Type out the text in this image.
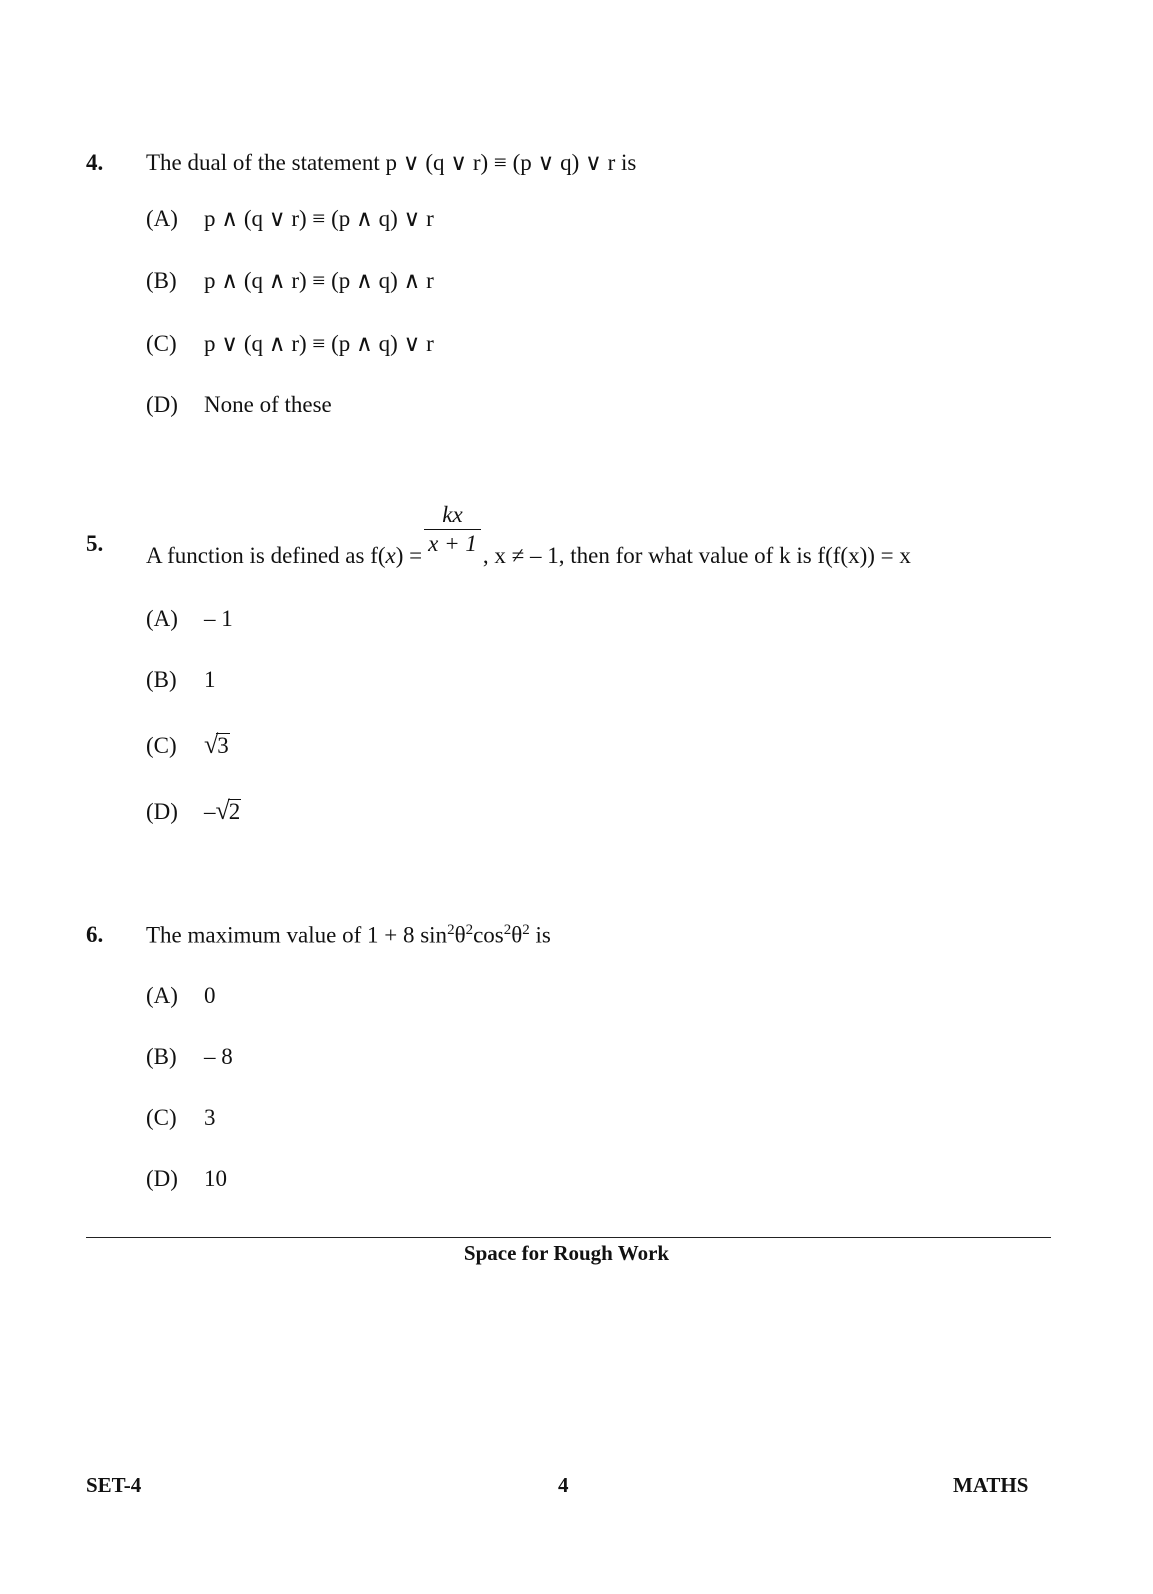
4. The dual of the statement p ∨ (q ∨ r) ≡ (p ∨ q) ∨ r is
(A) p ∧ (q ∨ r) ≡ (p ∧ q) ∨ r
(B) p ∧ (q ∧ r) ≡ (p ∧ q) ∧ r
(C) p ∨ (q ∧ r) ≡ (p ∧ q) ∨ r
(D) None of these
5. A function is defined as $f(x) = \frac{kx}{x + 1}$ , x ≠ – 1, then for what value of k is f(f(x)) = x
(A) – 1
(B) 1
(C) √3
(D) –√2
6. The maximum value of 1 + 8 $\sin^2\theta^2\cos^2\theta^2$ is
(A) 0
(B) – 8
(C) 3
(D) 10
Space for Rough Work
SET-4	4	MATHS
